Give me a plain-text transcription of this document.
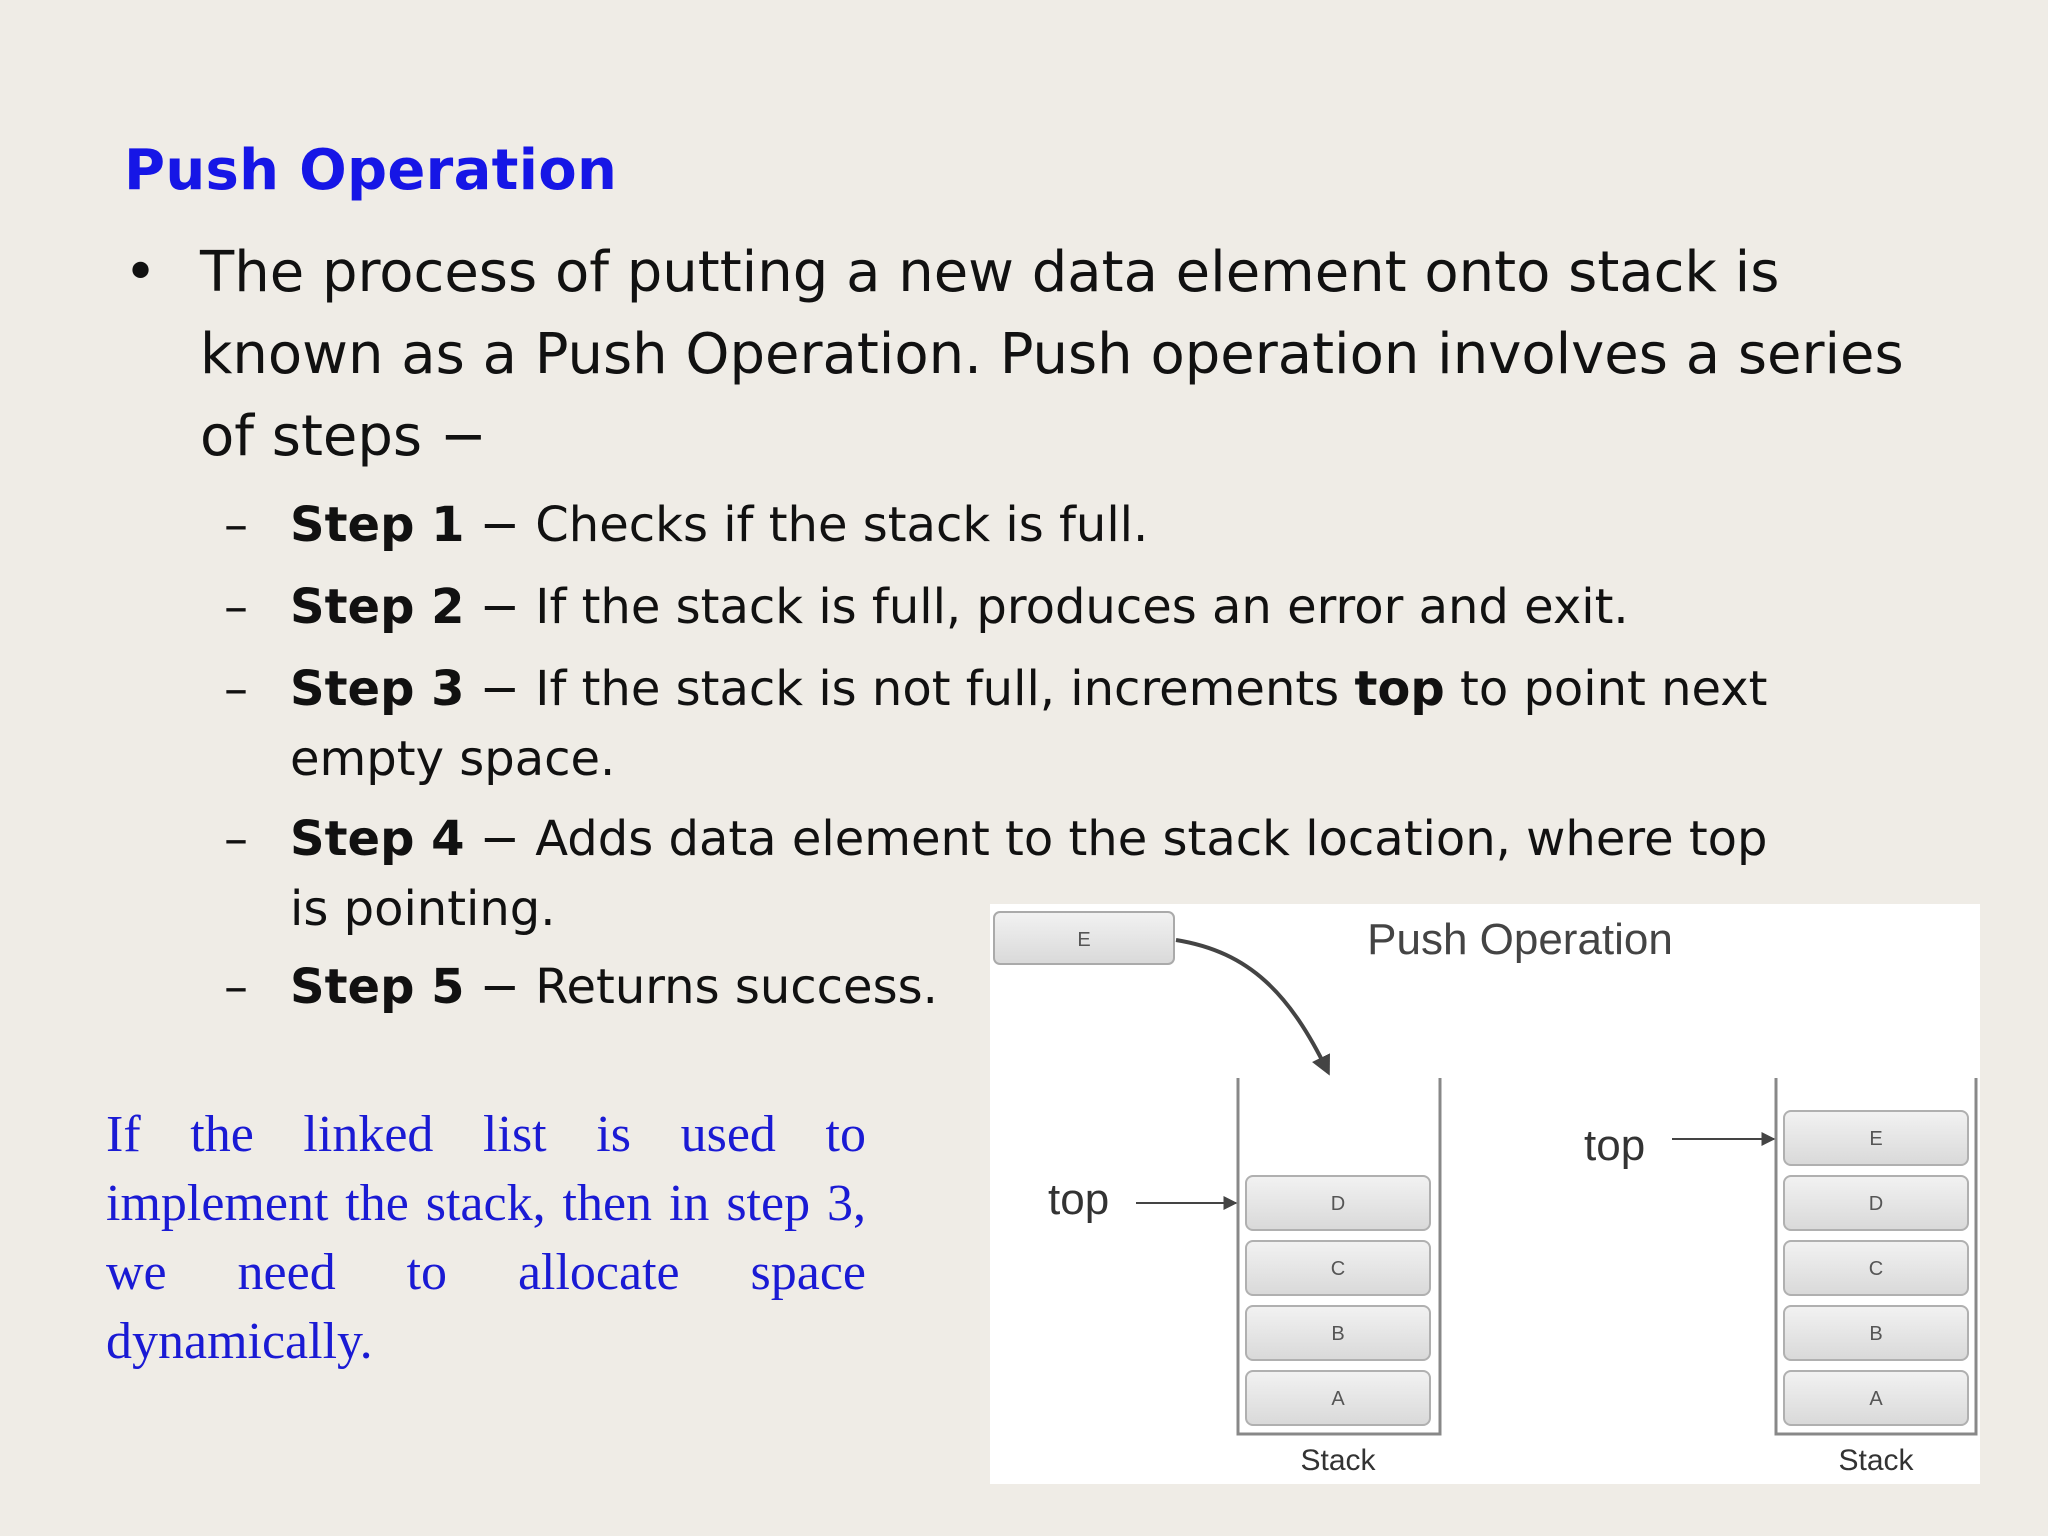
Push Operation
• The process of putting a new data element onto stack is known as a Push Operation. Push operation involves a series of steps −
– Step 1 − Checks if the stack is full.
– Step 2 − If the stack is full, produces an error and exit.
– Step 3 − If the stack is not full, increments top to point next empty space.
– Step 4 − Adds data element to the stack location, where top is pointing.
– Step 5 − Returns success.
If the linked list is used to implement the stack, then in step 3, we need to allocate space dynamically.
Push Operation
E
D
C
B
A
Stack
top
E
D
C
B
A
Stack
top
